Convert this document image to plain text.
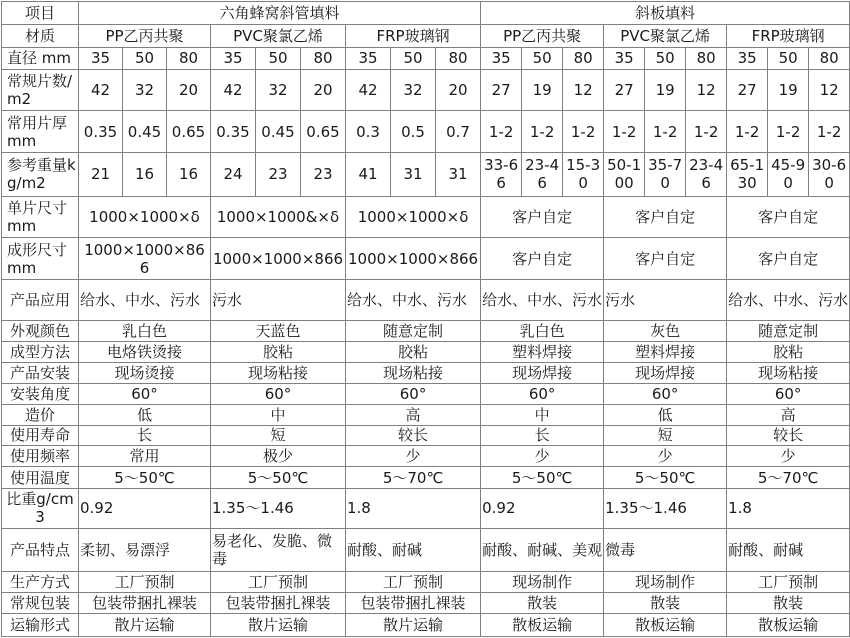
项目	六角蜂窝斜管填料									斜板填料								
材质	PP乙丙共聚			PVC聚氯乙烯			FRP玻璃钢			PP乙丙共聚			PVC聚氯乙烯			FRP玻璃钢		
直径 mm	35	50	80	35	50	80	35	50	80	35	50	80	35	50	80	35	50	80
常规片数/m2	42	32	20	42	32	20	42	32	20	27	19	12	27	19	12	27	19	12
常用片厚mm	0.35	0.45	0.65	0.35	0.45	0.65	0.3	0.5	0.7	1-2	1-2	1-2	1-2	1-2	1-2	1-2	1-2	1-2
参考重量kg/m2	21	16	16	24	23	23	41	31	31	33-66	23-46	15-30	50-100	35-70	23-46	65-130	45-90	30-60
单片尺寸mm	1000×1000×δ			1000×1000&×δ			1000×1000×δ			客户自定			客户自定			客户自定		
成形尺寸mm	1000×1000×866			1000×1000×866			1000×1000×866			客户自定			客户自定			客户自定		
产品应用	给水、中水、污水			污水			给水、中水、污水			给水、中水、污水			污水			给水、中水、污水		
外观颜色	乳白色			天蓝色			随意定制			乳白色			灰色			随意定制		
成型方法	电烙铁烫接			胶粘			胶粘			塑料焊接			塑料焊接			胶粘		
产品安装	现场烫接			现场粘接			现场粘接			现场焊接			现场焊接			现场粘接		
安装角度	60°			60°			60°			60°			60°			60°		
造价	低			中			高			中			低			高		
使用寿命	长			短			较长			长			短			较长		
使用频率	常用			极少			少			少			少			少		
使用温度	5～50℃			5～50℃			5～70℃			5～50℃			5～50℃			5～70℃		
比重g/cm3	0.92			1.35～1.46			1.8			0.92			1.35～1.46			1.8		
产品特点	柔韧、易漂浮			易老化、发脆、微毒			耐酸、耐碱			耐酸、耐碱、美观			微毒			耐酸、耐碱		
生产方式	工厂预制			工厂预制			工厂预制			现场制作			现场制作			工厂预制		
常规包装	包装带捆扎裸装			包装带捆扎裸装			包装带捆扎裸装			散装			散装			散装		
运输形式	散片运输			散片运输			散片运输			散板运输			散板运输			散板运输		
